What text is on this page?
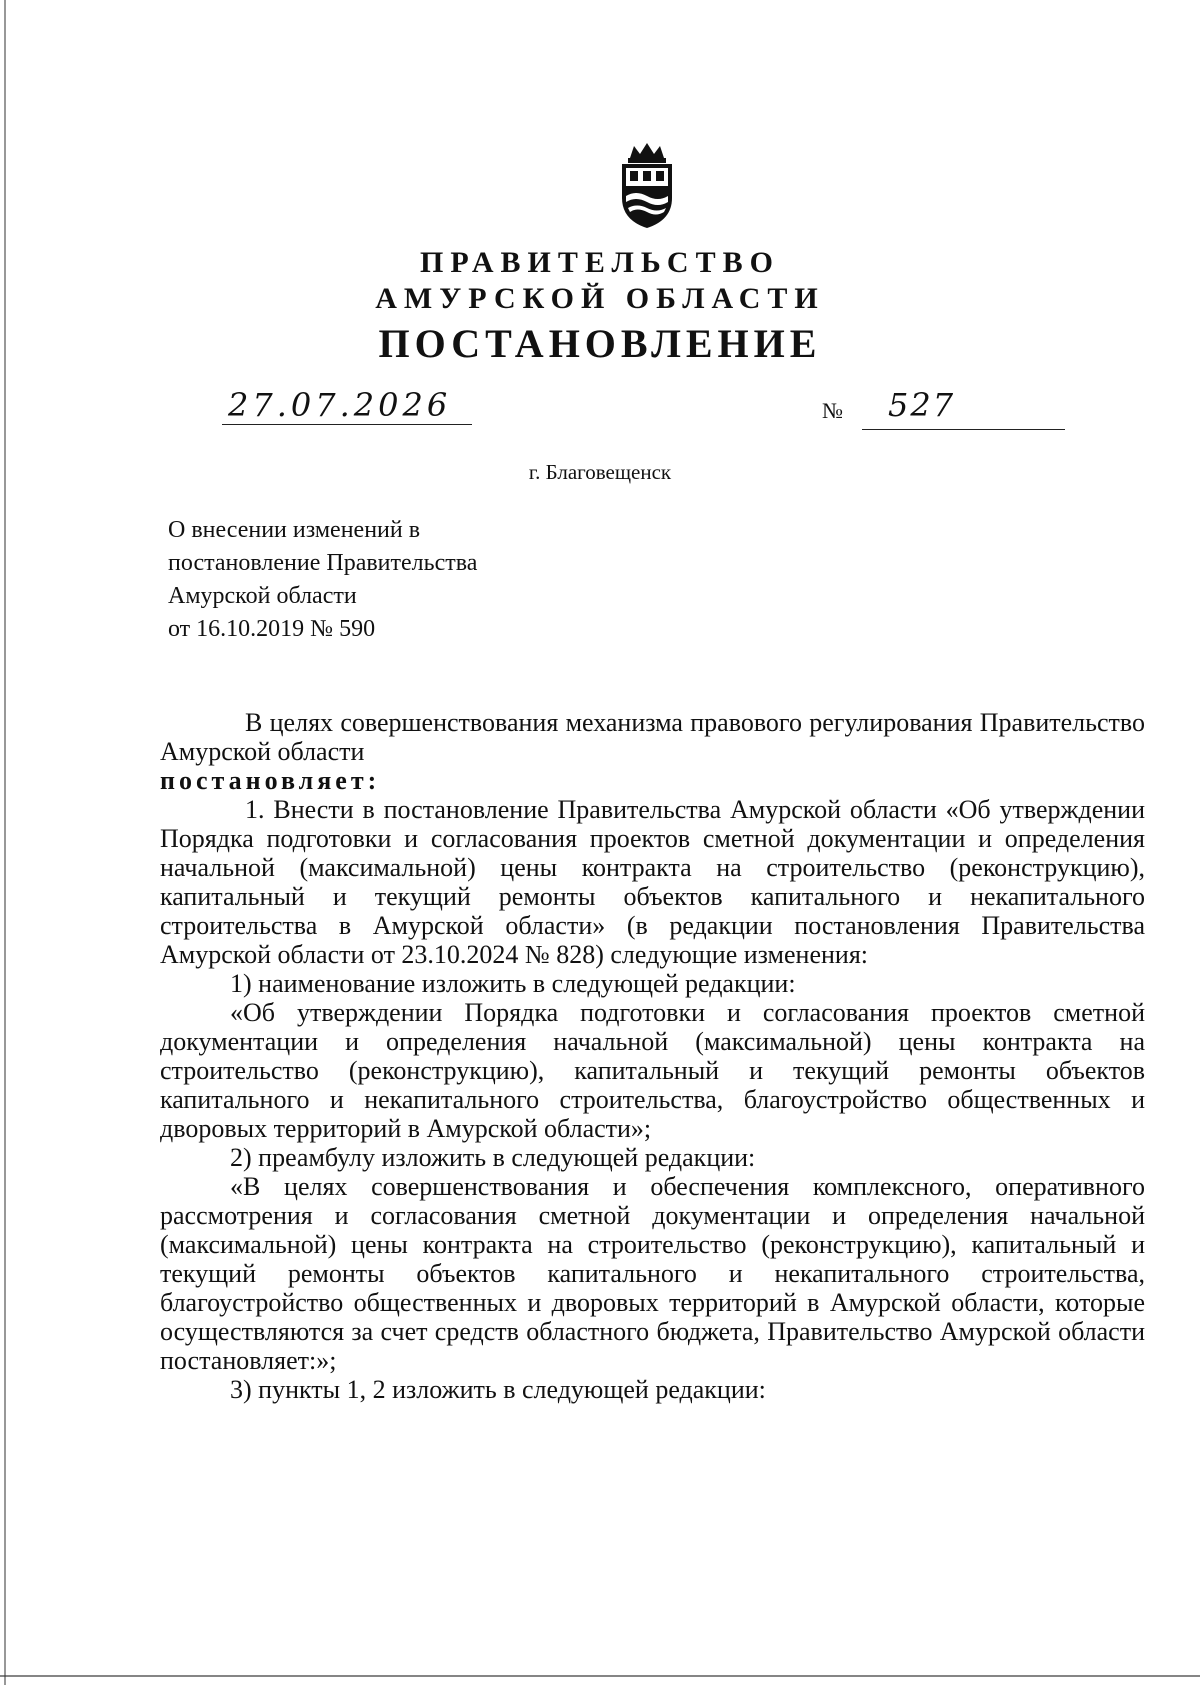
ПРАВИТЕЛЬСТВО
АМУРСКОЙ ОБЛАСТИ
ПОСТАНОВЛЕНИЕ
27.07.2026	№ 527
г. Благовещенск
О внесении изменений в
постановление Правительства
Амурской области
от 16.10.2019 № 590

В целях совершенствования механизма правового регулирования Правительство Амурской области

постановляет:

1. Внести в постановление Правительства Амурской области «Об утверждении Порядка подготовки и согласования проектов сметной документации и определения начальной (максимальной) цены контракта на строительство (реконструкцию), капитальный и текущий ремонты объектов капитального и некапитального строительства в Амурской области» (в редакции постановления Правительства Амурской области от 23.10.2024 № 828) следующие изменения:

1) наименование изложить в следующей редакции:

«Об утверждении Порядка подготовки и согласования проектов сметной документации и определения начальной (максимальной) цены контракта на строительство (реконструкцию), капитальный и текущий ремонты объектов капитального и некапитального строительства, благоустройство общественных и дворовых территорий в Амурской области»;

2) преамбулу изложить в следующей редакции:

«В целях совершенствования и обеспечения комплексного, оперативного рассмотрения и согласования сметной документации и определения начальной (максимальной) цены контракта на строительство (реконструкцию), капитальный и текущий ремонты объектов капитального и некапитального строительства, благоустройство общественных и дворовых территорий в Амурской области, которые осуществляются за счет средств областного бюджета, Правительство Амурской области постановляет:»;

3) пункты 1, 2 изложить в следующей редакции:
